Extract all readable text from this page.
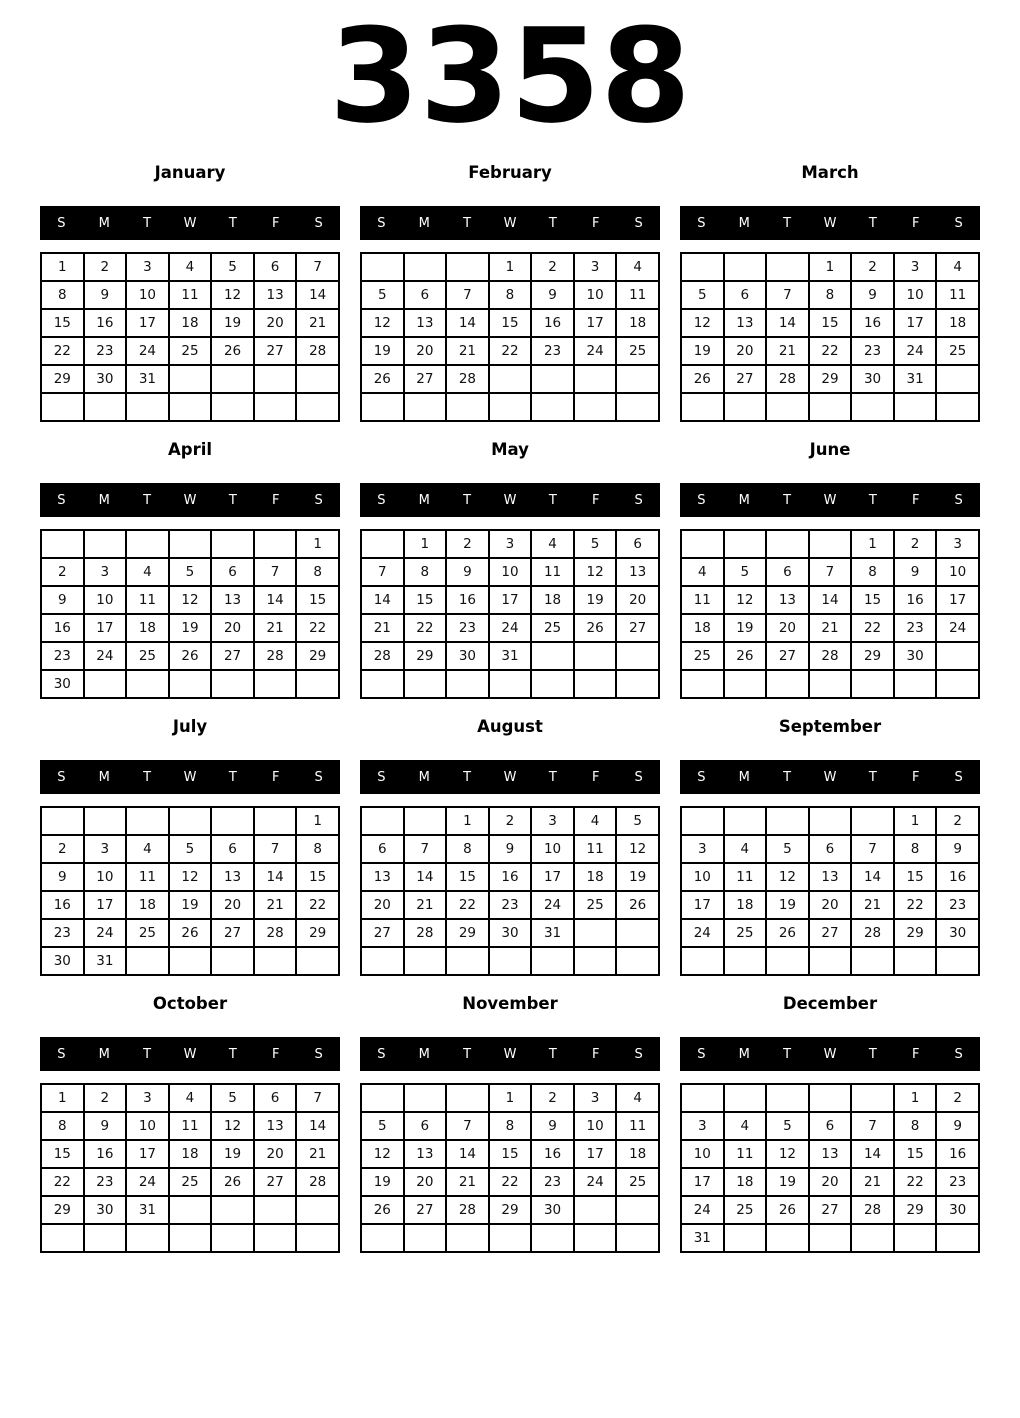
3358
January
S	M	T	W	T	F	S
1	2	3	4	5	6	7
8	9	10	11	12	13	14
15	16	17	18	19	20	21
22	23	24	25	26	27	28
29	30	31				

February
S	M	T	W	T	F	S
			1	2	3	4
5	6	7	8	9	10	11
12	13	14	15	16	17	18
19	20	21	22	23	24	25
26	27	28				

March
S	M	T	W	T	F	S
			1	2	3	4
5	6	7	8	9	10	11
12	13	14	15	16	17	18
19	20	21	22	23	24	25
26	27	28	29	30	31	

April
S	M	T	W	T	F	S
						1
2	3	4	5	6	7	8
9	10	11	12	13	14	15
16	17	18	19	20	21	22
23	24	25	26	27	28	29
30						
May
S	M	T	W	T	F	S
	1	2	3	4	5	6
7	8	9	10	11	12	13
14	15	16	17	18	19	20
21	22	23	24	25	26	27
28	29	30	31			

June
S	M	T	W	T	F	S
				1	2	3
4	5	6	7	8	9	10
11	12	13	14	15	16	17
18	19	20	21	22	23	24
25	26	27	28	29	30	

July
S	M	T	W	T	F	S
						1
2	3	4	5	6	7	8
9	10	11	12	13	14	15
16	17	18	19	20	21	22
23	24	25	26	27	28	29
30	31					
August
S	M	T	W	T	F	S
		1	2	3	4	5
6	7	8	9	10	11	12
13	14	15	16	17	18	19
20	21	22	23	24	25	26
27	28	29	30	31		

September
S	M	T	W	T	F	S
					1	2
3	4	5	6	7	8	9
10	11	12	13	14	15	16
17	18	19	20	21	22	23
24	25	26	27	28	29	30

October
S	M	T	W	T	F	S
1	2	3	4	5	6	7
8	9	10	11	12	13	14
15	16	17	18	19	20	21
22	23	24	25	26	27	28
29	30	31				

November
S	M	T	W	T	F	S
			1	2	3	4
5	6	7	8	9	10	11
12	13	14	15	16	17	18
19	20	21	22	23	24	25
26	27	28	29	30		

December
S	M	T	W	T	F	S
					1	2
3	4	5	6	7	8	9
10	11	12	13	14	15	16
17	18	19	20	21	22	23
24	25	26	27	28	29	30
31						
